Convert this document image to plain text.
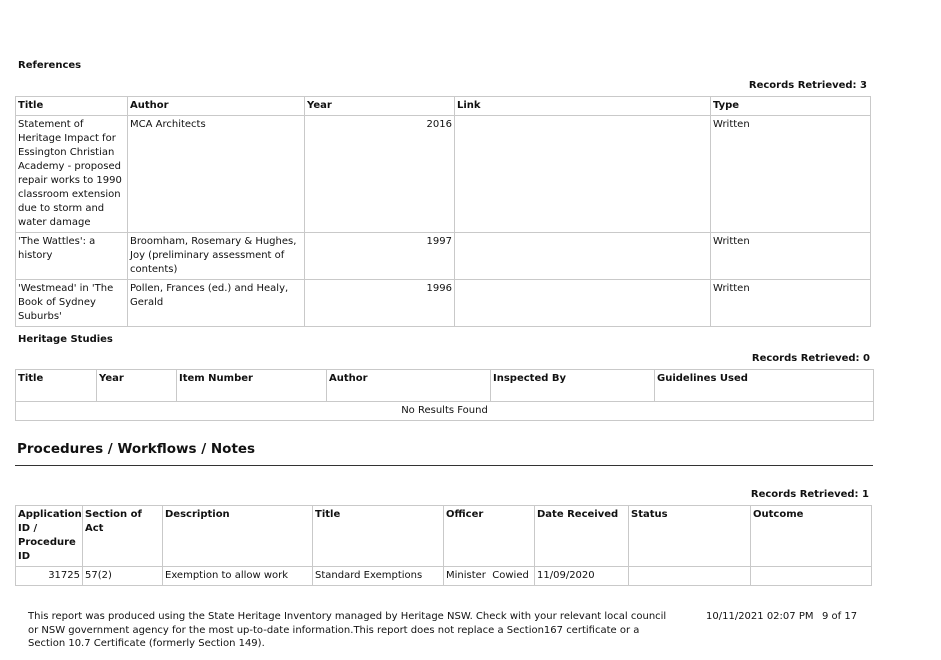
References
Records Retrieved: 3
Title	Author	Year	Link	Type
Statement of Heritage Impact for Essington Christian Academy - proposed repair works to 1990 classroom extension due to storm and water damage	MCA Architects	2016		Written
'The Wattles': a history	Broomham, Rosemary & Hughes, Joy (preliminary assessment of contents)	1997		Written
'Westmead' in 'The Book of Sydney Suburbs'	Pollen, Frances (ed.) and Healy, Gerald	1996		Written
Heritage Studies
Records Retrieved: 0
Title	Year	Item Number	Author	Inspected By	Guidelines Used
No Results Found
Procedures / Workflows / Notes
Records Retrieved: 1
Application ID / Procedure ID	Section of Act	Description	Title	Officer	Date Received	Status	Outcome
31725	57(2)	Exemption to allow work	Standard Exemptions	Minister  Cowied	11/09/2020		
This report was produced using the State Heritage Inventory managed by Heritage NSW. Check with your relevant local council or NSW government agency for the most up-to-date information.This report does not replace a Section167 certificate or a Section 10.7 Certificate (formerly Section 149).
10/11/2021 02:07 PM 9 of 17
